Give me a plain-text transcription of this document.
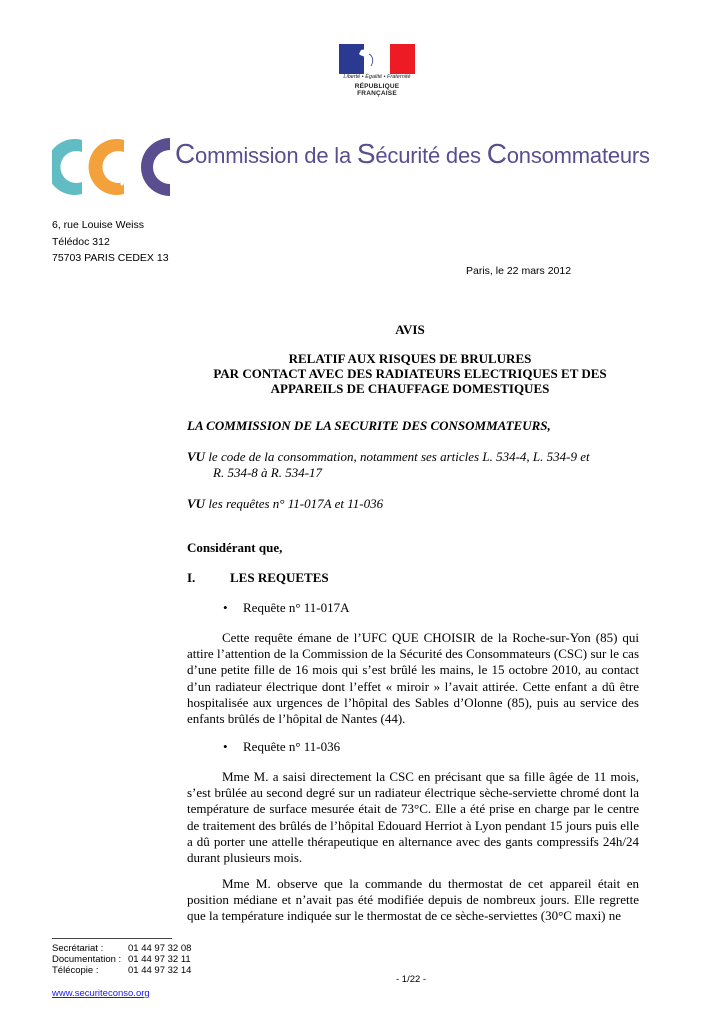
Liberté • Égalité • Fraternité
RÉPUBLIQUE FRANÇAISE
Commission de la Sécurité des Consommateurs
6, rue Louise Weiss
Télédoc 312
75703 PARIS CEDEX 13
Paris, le 22 mars 2012
AVIS
RELATIF AUX RISQUES DE BRULURES
PAR CONTACT AVEC DES RADIATEURS ELECTRIQUES ET DES
APPAREILS DE CHAUFFAGE DOMESTIQUES
LA COMMISSION DE LA SECURITE DES CONSOMMATEURS,
VU le code de la consommation, notamment ses articles L. 534-4, L. 534-9 et
R. 534-8 à R. 534-17
VU les requêtes n° 11-017A et 11-036
Considérant que,
I.	LES REQUETES
• Requête n° 11-017A
Cette requête émane de l’UFC QUE CHOISIR de la Roche-sur-Yon (85) qui attire l’attention de la Commission de la Sécurité des Consommateurs (CSC) sur le cas d’une petite fille de 16 mois qui s’est brûlé les mains, le 15 octobre 2010, au contact d’un radiateur électrique dont l’effet « miroir » l’avait attirée. Cette enfant a dû être hospitalisée aux urgences de l’hôpital des Sables d’Olonne (85), puis au service des enfants brûlés de l’hôpital de Nantes (44).
• Requête n° 11-036
Mme M. a saisi directement la CSC en précisant que sa fille âgée de 11 mois, s’est brûlée au second degré sur un radiateur électrique sèche-serviette chromé dont la température de surface mesurée était de 73°C. Elle a été prise en charge par le centre de traitement des brûlés de l’hôpital Edouard Herriot à Lyon pendant 15 jours puis elle a dû porter une attelle thérapeutique en alternance avec des gants compressifs 24h/24 durant plusieurs mois.
Mme M. observe que la commande du thermostat de cet appareil était en position médiane et n’avait pas été modifiée depuis de nombreux jours. Elle regrette que la température indiquée sur le thermostat de ce sèche-serviettes (30°C maxi) ne
Secrétariat :	01 44 97 32 08
Documentation : 01 44 97 32 11
Télécopie :	01 44 97 32 14
- 1/22 -
www.securiteconso.org
